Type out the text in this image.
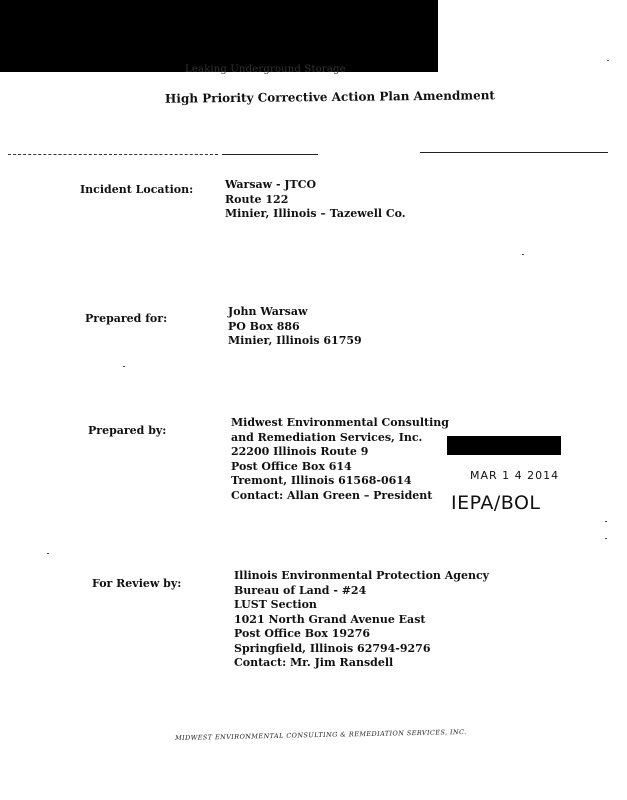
Leaking Underground Storage
High Priority Corrective Action Plan Amendment
Incident Location:	Warsaw - JTCO
Route 122
Minier, Illinois – Tazewell Co.
Prepared for:
John Warsaw
PO Box 886
Minier, Illinois 61759
Prepared by:
Midwest Environmental Consulting
and Remediation Services, Inc.
22200 Illinois Route 9
Post Office Box 614
Tremont, Illinois 61568-0614
Contact: Allan Green – President
MAR 1 4 2014
IEPA/BOL
For Review by:
Illinois Environmental Protection Agency
Bureau of Land - #24
LUST Section
1021 North Grand Avenue East
Post Office Box 19276
Springfield, Illinois 62794-9276
Contact: Mr. Jim Ransdell
MIDWEST ENVIRONMENTAL CONSULTING & REMEDIATION SERVICES, INC.
